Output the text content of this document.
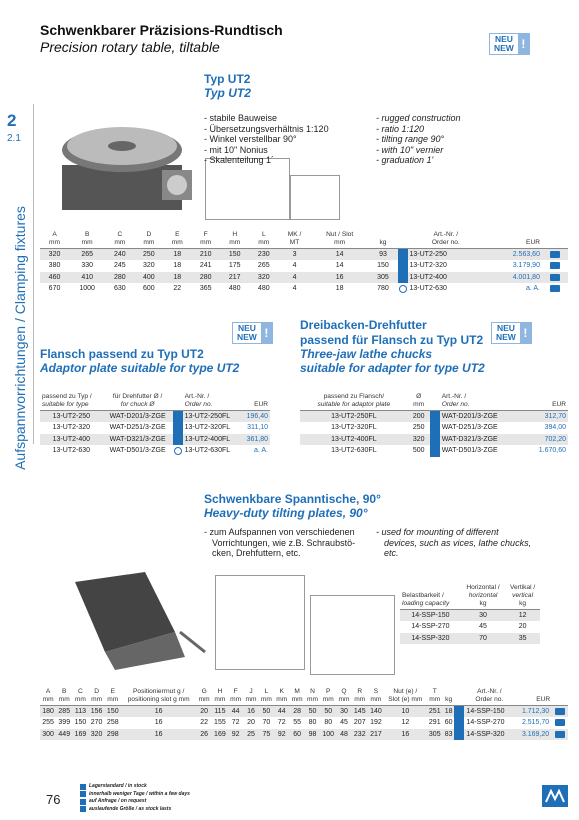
Schwenkbarer Präzisions-Rundtisch
Precision rotary table, tiltable	NEU
NEW !
2
2.1
Aufspannvorrichtungen / Clamping fixtures
Typ UT2
Typ UT2
- stabile Bauweise
- Übersetzungsverhältnis 1:120
- Winkel verstellbar 90°
- mit 10" Nonius
- Skalenteilung 1´
- rugged construction
- ratio 1:120
- tilting range 90°
- with 10" vernier
- graduation 1'
A
mm	B
mm	C
mm	D
mm	E
mm	F
mm	H
mm	L
mm	MK /
MT	Nut / Slot
mm	kg		Art.-Nr. /
Order no.	EUR

320	265	240	250	18	210	150	230	3	14	93		13-UT2-250	2.563,60	
380	330	245	320	18	241	175	265	4	14	150		13-UT2-320	3.179,90	
460	410	280	400	18	280	217	320	4	16	305		13-UT2-400	4.001,80	
670	1000	630	600	22	365	480	480	4	18	780		13-UT2-630	a. A.	
NEU
NEW !
Flansch passend zu Typ UT2
Adaptor plate suitable for type UT2
passend zu Typ /
suitable for type	für Drehfutter Ø /
for chuck Ø		Art.-Nr. /
Order no.	EUR
13-UT2-250	WAT-D201/3-ZGE		13-UT2-250FL	196,40
13-UT2-320	WAT-D251/3-ZGE		13-UT2-320FL	311,10
13-UT2-400	WAT-D321/3-ZGE		13-UT2-400FL	361,80
13-UT2-630	WAT-D501/3-ZGE		13-UT2-630FL	a. A.
NEU
NEW !
Dreibacken-Drehfutter
passend für Flansch zu Typ UT2
Three-jaw lathe chucks
suitable for adapter for type UT2
passend zu Flansch/
suitable for adaptor plate	Ø
mm		Art.-Nr. /
Order no.	EUR
13-UT2-250FL	200		WAT-D201/3-ZGE	312,70
13-UT2-320FL	250		WAT-D251/3-ZGE	394,00
13-UT2-400FL	320		WAT-D321/3-ZGE	702,20
13-UT2-630FL	500		WAT-D501/3-ZGE	1.670,60
Schwenkbare Spanntische, 90°
Heavy-duty tilting plates, 90°
- zum Aufspannen von verschiedenen
Vorrichtungen, wie z.B. Schraubstö-
cken, Drehfuttern, etc.
- used for mounting of different
devices, such as vices, lathe chucks,
etc.
Belastbarkeit /
loading capacity	Horizontal /
horizontal
kg	Vertikal /
vertical
kg
14-SSP-150	30	12
14-SSP-270	45	20
14-SSP-320	70	35
A
mm	B
mm	C
mm	D
mm	E
mm	Positionierrnut g /
positioning slot g mm	G
mm	H
mm	F
mm	J
mm	L
mm	K
mm	M
mm	N
mm	P
mm	Q
mm	R
mm	S
mm	Nut (e) /
Slot (e) mm	T
mm	kg		Art.-Nr. /
Order no.	EUR

180	285	113	156	150	16	20	115	44	16	50	44	28	50	50	30	145	140	10	251	18		14-SSP-150	1.712,30	
255	399	150	270	258	16	22	155	72	20	70	72	55	80	80	45	207	192	12	291	60		14-SSP-270	2.515,70	
300	449	169	320	298	16	26	169	92	25	75	92	60	98	100	48	232	217	16	305	83		14-SSP-320	3.169,20	
Lagerstandard / in stock
innerhalb weniger Tage / within a few days
auf Anfrage / on request
auslaufende Größe / as stock lasts
76
